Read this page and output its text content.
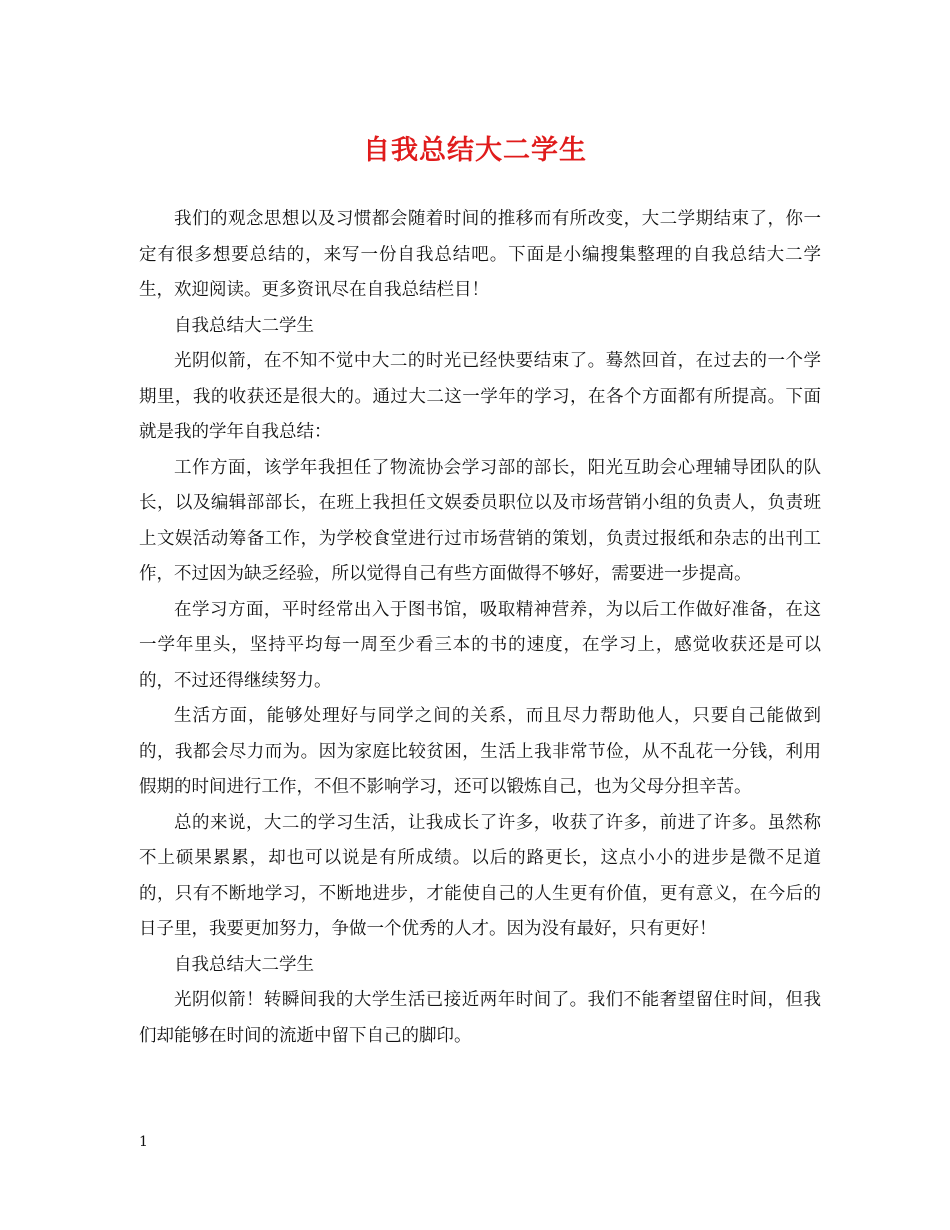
自我总结大二学生

我们的观念思想以及习惯都会随着时间的推移而有所改变，大二学期结束了，你一定有很多想要总结的，来写一份自我总结吧。下面是小编搜集整理的自我总结大二学生，欢迎阅读。更多资讯尽在自我总结栏目！

自我总结大二学生

光阴似箭，在不知不觉中大二的时光已经快要结束了。蓦然回首，在过去的一个学期里，我的收获还是很大的。通过大二这一学年的学习，在各个方面都有所提高。下面就是我的学年自我总结：

工作方面，该学年我担任了物流协会学习部的部长，阳光互助会心理辅导团队的队长，以及编辑部部长，在班上我担任文娱委员职位以及市场营销小组的负责人，负责班上文娱活动筹备工作，为学校食堂进行过市场营销的策划，负责过报纸和杂志的出刊工作，不过因为缺乏经验，所以觉得自己有些方面做得不够好，需要进一步提高。

在学习方面，平时经常出入于图书馆，吸取精神营养，为以后工作做好准备，在这一学年里头，坚持平均每一周至少看三本的书的速度，在学习上，感觉收获还是可以的，不过还得继续努力。

生活方面，能够处理好与同学之间的关系，而且尽力帮助他人，只要自己能做到的，我都会尽力而为。因为家庭比较贫困，生活上我非常节俭，从不乱花一分钱，利用假期的时间进行工作，不但不影响学习，还可以锻炼自己，也为父母分担辛苦。

总的来说，大二的学习生活，让我成长了许多，收获了许多，前进了许多。虽然称不上硕果累累，却也可以说是有所成绩。以后的路更长，这点小小的进步是微不足道的，只有不断地学习，不断地进步，才能使自己的人生更有价值，更有意义，在今后的日子里，我要更加努力，争做一个优秀的人才。因为没有最好，只有更好！

自我总结大二学生

光阴似箭！转瞬间我的大学生活已接近两年时间了。我们不能奢望留住时间，但我们却能够在时间的流逝中留下自己的脚印。

1
